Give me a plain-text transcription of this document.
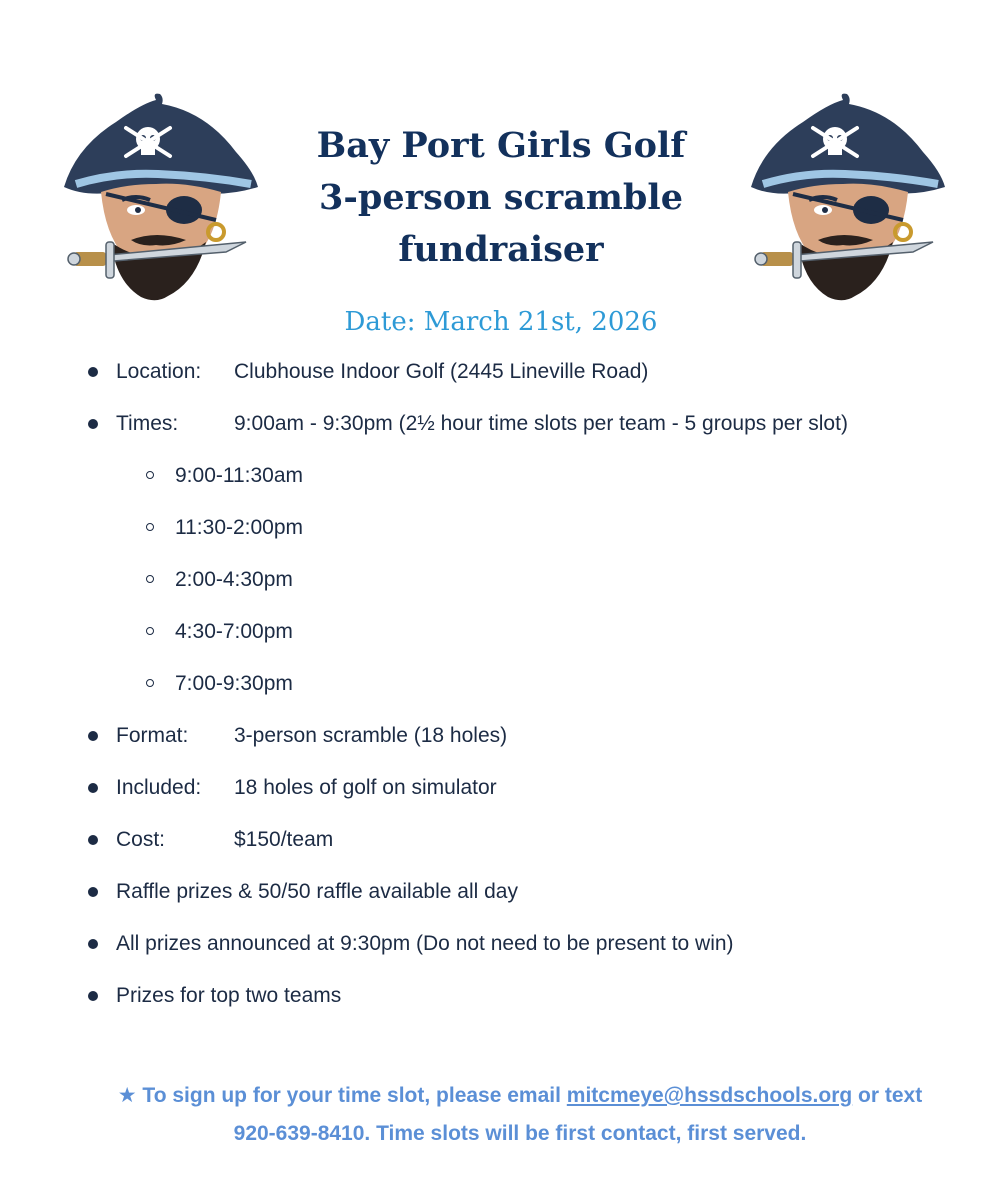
Bay Port Girls Golf
3-person scramble
fundraiser
Date: March 21st, 2026
Location: Clubhouse Indoor Golf (2445 Lineville Road)
Times:	9:00am - 9:30pm (2½ hour time slots per team - 5 groups per slot)
9:00-11:30am
11:30-2:00pm
2:00-4:30pm
4:30-7:00pm
7:00-9:30pm
Format: 3-person scramble (18 holes)
Included: 18 holes of golf on simulator
Cost:	$150/team
Raffle prizes & 50/50 raffle available all day
All prizes announced at 9:30pm (Do not need to be present to win)
Prizes for top two teams
★ To sign up for your time slot, please email mitcmeye@hssdschools.org or text
920-639-8410. Time slots will be first contact, first served.
